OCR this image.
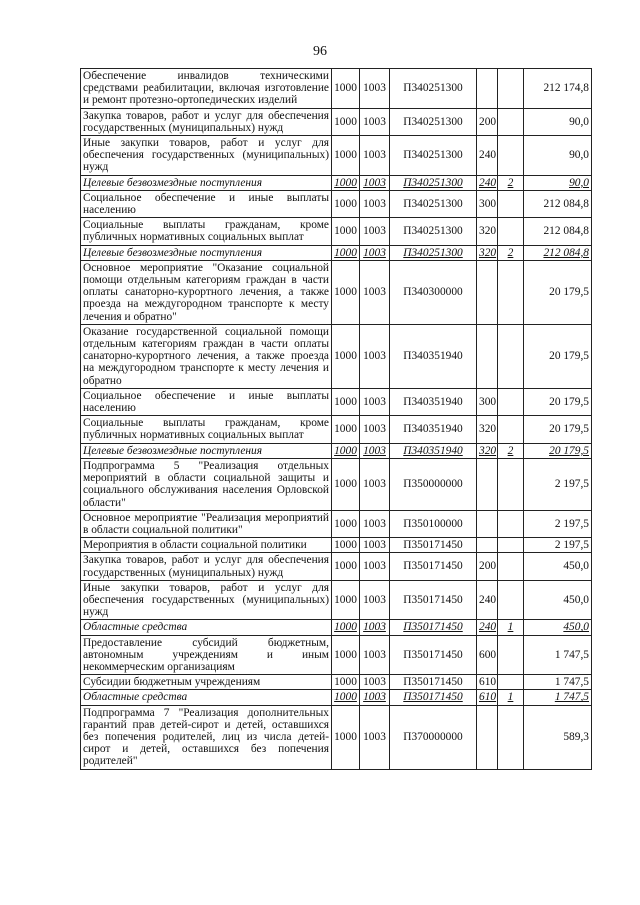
96
Обеспечение инвалидов техническими средствами реабилитации, включая изготовление и ремонт протезно-ортопедических изделий	1000	1003	П340251300			212 174,8
Закупка товаров, работ и услуг для обеспечения государственных (муниципальных) нужд	1000	1003	П340251300	200		90,0
Иные закупки товаров, работ и услуг для обеспечения государственных (муниципальных) нужд	1000	1003	П340251300	240		90,0
Целевые безвозмездные поступления	1000	1003	П340251300	240	2	90,0
Социальное обеспечение и иные выплаты населению	1000	1003	П340251300	300		212 084,8
Социальные выплаты гражданам, кроме публичных нормативных социальных выплат	1000	1003	П340251300	320		212 084,8
Целевые безвозмездные поступления	1000	1003	П340251300	320	2	212 084,8
Основное мероприятие "Оказание социальной помощи отдельным категориям граждан в части оплаты санаторно-курортного лечения, а также проезда на междугородном транспорте к месту лечения и обратно"	1000	1003	П340300000			20 179,5
Оказание государственной социальной помощи отдельным категориям граждан в части оплаты санаторно-курортного лечения, а также проезда на междугородном транспорте к месту лечения и обратно	1000	1003	П340351940			20 179,5
Социальное обеспечение и иные выплаты населению	1000	1003	П340351940	300		20 179,5
Социальные выплаты гражданам, кроме публичных нормативных социальных выплат	1000	1003	П340351940	320		20 179,5
Целевые безвозмездные поступления	1000	1003	П340351940	320	2	20 179,5
Подпрограмма 5 "Реализация отдельных мероприятий в области социальной защиты и социального обслуживания населения Орловской области"	1000	1003	П350000000			2 197,5
Основное мероприятие "Реализация мероприятий в области социальной политики"	1000	1003	П350100000			2 197,5
Мероприятия в области социальной политики	1000	1003	П350171450			2 197,5
Закупка товаров, работ и услуг для обеспечения государственных (муниципальных) нужд	1000	1003	П350171450	200		450,0
Иные закупки товаров, работ и услуг для обеспечения государственных (муниципальных) нужд	1000	1003	П350171450	240		450,0
Областные средства	1000	1003	П350171450	240	1	450,0
Предоставление субсидий бюджетным, автономным учреждениям и иным некоммерческим организациям	1000	1003	П350171450	600		1 747,5
Субсидии бюджетным учреждениям	1000	1003	П350171450	610		1 747,5
Областные средства	1000	1003	П350171450	610	1	1 747,5
Подпрограмма 7 "Реализация дополнительных гарантий прав детей-сирот и детей, оставшихся без попечения родителей, лиц из числа детей-сирот и детей, оставшихся без попечения родителей"	1000	1003	П370000000			589,3
